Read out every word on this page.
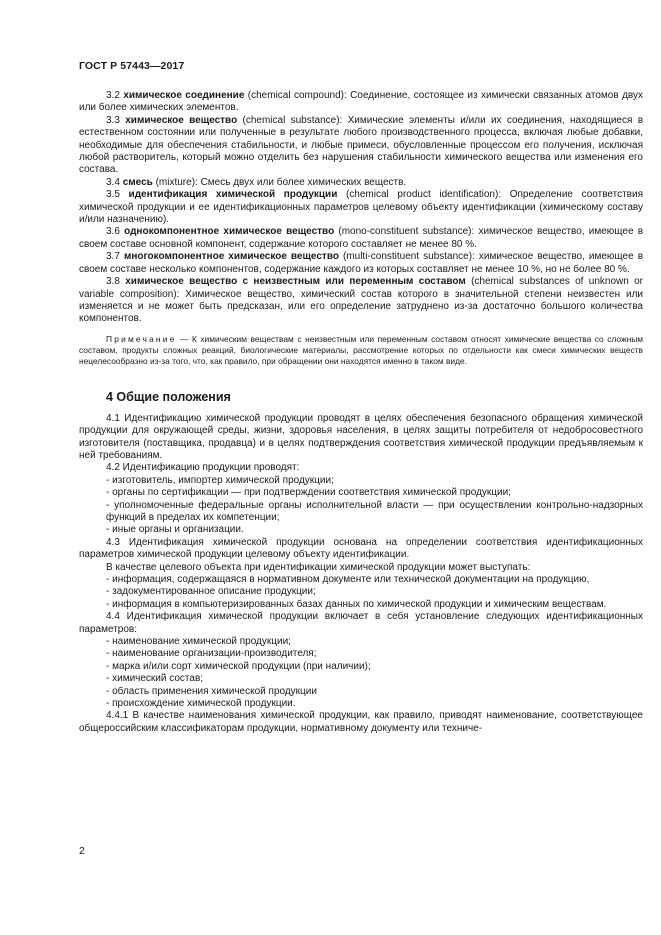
ГОСТ Р 57443—2017

3.2 химическое соединение (chemical compound): Соединение, состоящее из химически связанных атомов двух или более химических элементов.

3.3 химическое вещество (chemical substance): Химические элементы и/или их соединения, находящиеся в естественном состоянии или полученные в результате любого производственного процесса, включая любые добавки, необходимые для обеспечения стабильности, и любые примеси, обусловленные процессом его получения, исключая любой растворитель, который можно отделить без нарушения стабильности химического вещества или изменения его состава.

3.4 смесь (mixture): Смесь двух или более химических веществ.

3.5 идентификация химической продукции (chemical product identification): Определение соответствия химической продукции и ее идентификационных параметров целевому объекту идентификации (химическому составу и/или назначению).

3.6 однокомпонентное химическое вещество (mono-constituent substance): химическое вещество, имеющее в своем составе основной компонент, содержание которого составляет не менее 80 %.

3.7 многокомпонентное химическое вещество (multi-constituent substance): химическое вещество, имеющее в своем составе несколько компонентов, содержание каждого из которых составляет не менее 10 %, но не более 80 %.

3.8 химическое вещество с неизвестным или переменным составом (chemical substances of unknown or variable composition): Химическое вещество, химический состав которого в значительной степени неизвестен или изменяется и не может быть предсказан, или его определение затруднено из-за достаточно большого количества компонентов.

Примечание — К химическим веществам с неизвестным или переменным составом относят химические вещества со сложным составом, продукты сложных реакций, биологические материалы, рассмотрение которых по отдельности как смеси химических веществ нецелесообразно из-за того, что, как правило, при обращении они находятся именно в таком виде.

4 Общие положения

4.1 Идентификацию химической продукции проводят в целях обеспечения безопасного обращения химической продукции для окружающей среды, жизни, здоровья населения, в целях защиты потребителя от недобросовестного изготовителя (поставщика, продавца) и в целях подтверждения соответствия химической продукции предъявляемым к ней требованиям.

4.2 Идентификацию продукции проводят:

- изготовитель, импортер химической продукции;

- органы по сертификации — при подтверждении соответствия химической продукции;

- уполномоченные федеральные органы исполнительной власти — при осуществлении контрольно-надзорных функций в пределах их компетенции;

- иные органы и организации.

4.3 Идентификация химической продукции основана на определении соответствия идентификационных параметров химической продукции целевому объекту идентификации.

В качестве целевого объекта при идентификации химической продукции может выступать:

- информация, содержащаяся в нормативном документе или технической документации на продукцию,

- задокументированное описание продукции;

- информация в компьютеризированных базах данных по химической продукции и химическим веществам.

4.4 Идентификация химической продукции включает в себя установление следующих идентификационных параметров:

- наименование химической продукции;

- наименование организации-производителя;

- марка и/или сорт химической продукции (при наличии);

- химический состав;

- область применения химической продукции

- происхождение химической продукции.

4.4.1 В качестве наименования химической продукции, как правило, приводят наименование, соответствующее общероссийским классификаторам продукции, нормативному документу или техниче-

2
